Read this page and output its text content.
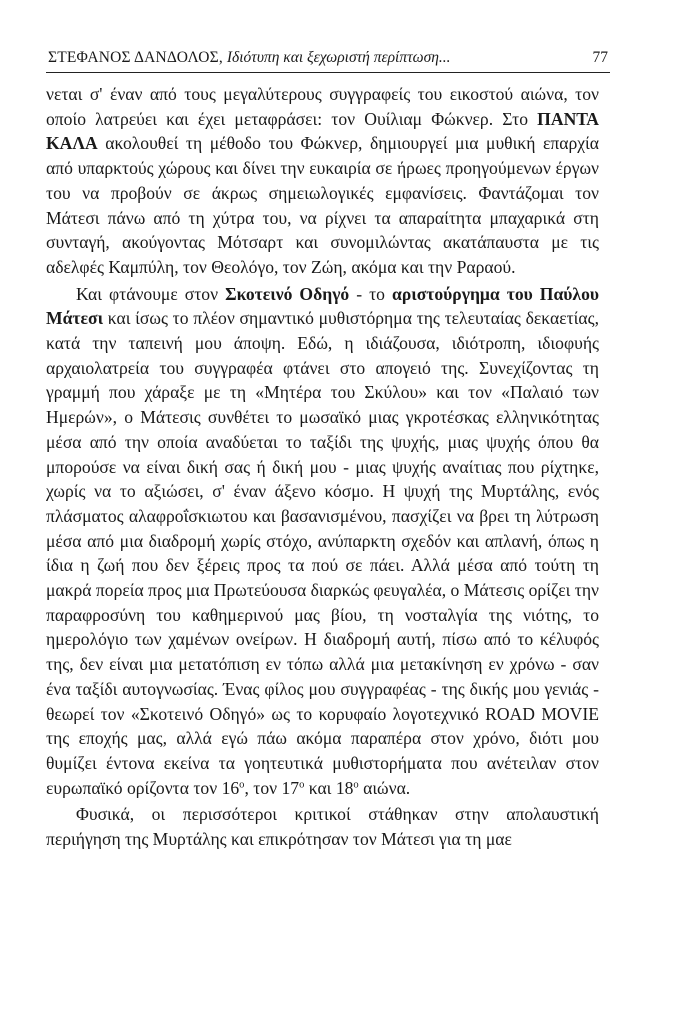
ΣΤΕΦΑΝΟΣ ΔΑΝΔΟΛΟΣ, Ιδιότυπη και ξεχωριστή περίπτωση...	77

νεται σ' έναν από τους μεγαλύτερους συγγραφείς του εικοστού αιώνα, τον οποίο λατρεύει και έχει μεταφράσει: τον Ουίλιαμ Φώκνερ. Στο ΠΑΝΤΑ ΚΑΛΑ ακολουθεί τη μέθοδο του Φώκνερ, δημιουργεί μια μυθική επαρχία από υπαρκτούς χώρους και δίνει την ευκαιρία σε ήρωες προηγούμενων έργων του να προβούν σε άκρως σημειωλογικές εμφανίσεις. Φαντάζομαι τον Μάτεσι πάνω από τη χύτρα του, να ρίχνει τα απαραίτητα μπαχαρικά στη συνταγή, ακούγοντας Μότσαρτ και συνομιλώντας ακατάπαυστα με τις αδελφές Καμπύλη, τον Θεολόγο, τον Ζώη, ακόμα και την Ραραού.

Και φτάνουμε στον Σκοτεινό Οδηγό - το αριστούργημα του Παύλου Μάτεσι και ίσως το πλέον σημαντικό μυθιστόρημα της τελευταίας δεκαετίας, κατά την ταπεινή μου άποψη. Εδώ, η ιδιάζουσα, ιδιότροπη, ιδιοφυής αρχαιολατρεία του συγγραφέα φτάνει στο απογειό της. Συνεχίζοντας τη γραμμή που χάραξε με τη «Μητέρα του Σκύλου» και τον «Παλαιό των Ημερών», ο Μάτεσις συνθέτει το μωσαϊκό μιας γκροτέσκας ελληνικότητας μέσα από την οποία αναδύεται το ταξίδι της ψυχής, μιας ψυχής όπου θα μπορούσε να είναι δική σας ή δική μου - μιας ψυχής αναίτιας που ρίχτηκε, χωρίς να το αξιώσει, σ' έναν άξενο κόσμο. Η ψυχή της Μυρτάλης, ενός πλάσματος αλαφροΐσκιωτου και βασανισμένου, πασχίζει να βρει τη λύτρωση μέσα από μια διαδρομή χωρίς στόχο, ανύπαρκτη σχεδόν και απλανή, όπως η ίδια η ζωή που δεν ξέρεις προς τα πού σε πάει. Αλλά μέσα από τούτη τη μακρά πορεία προς μια Πρωτεύουσα διαρκώς φευγαλέα, ο Μάτεσις ορίζει την παραφροσύνη του καθημερινού μας βίου, τη νοσταλγία της νιότης, το ημερολόγιο των χαμένων ονείρων. Η διαδρομή αυτή, πίσω από το κέλυφός της, δεν είναι μια μετατόπιση εν τόπω αλλά μια μετακίνηση εν χρόνω - σαν ένα ταξίδι αυτογνωσίας. Ένας φίλος μου συγγραφέας - της δικής μου γενιάς - θεωρεί τον «Σκοτεινό Οδηγό» ως το κορυφαίο λογοτεχνικό ROAD MOVIE της εποχής μας, αλλά εγώ πάω ακόμα παραπέρα στον χρόνο, διότι μου θυμίζει έντονα εκείνα τα γοητευτικά μυθιστορήματα που ανέτειλαν στον ευρωπαϊκό ορίζοντα τον $16^o$, τον $17^o$ και $18^o$ αιώνα.

Φυσικά, οι περισσότεροι κριτικοί στάθηκαν στην απολαυστική περιήγηση της Μυρτάλης και επικρότησαν τον Μάτεσι για τη μαε
